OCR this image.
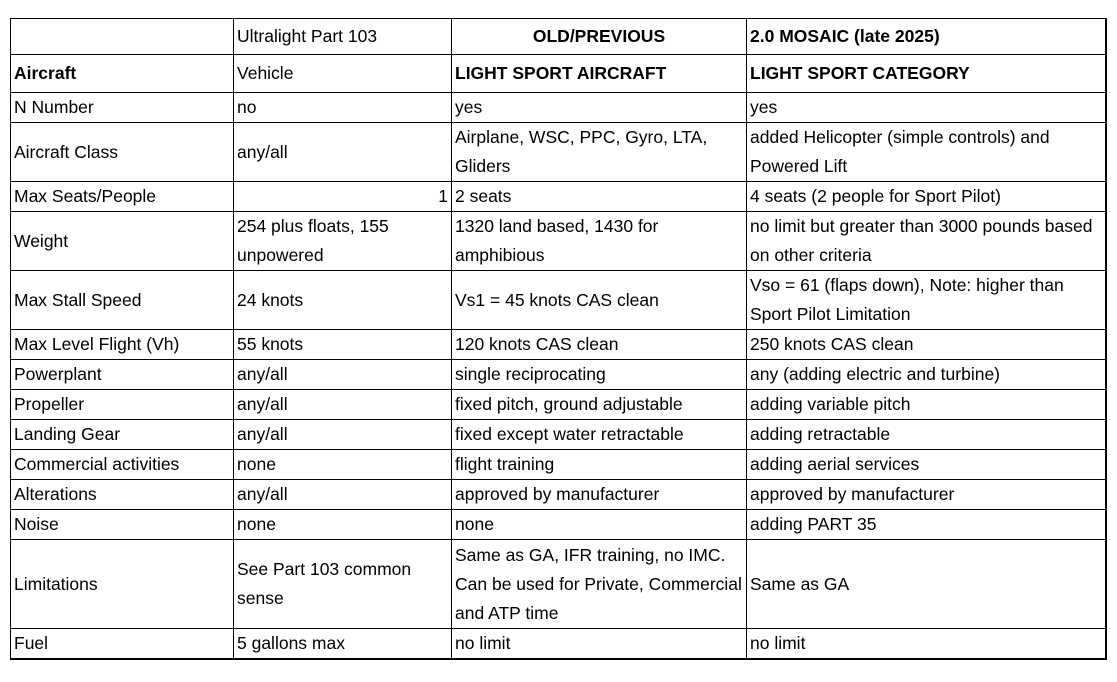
	Ultralight Part 103	OLD/PREVIOUS	2.0 MOSAIC (late 2025)
Aircraft	Vehicle	LIGHT SPORT AIRCRAFT	LIGHT SPORT CATEGORY
N Number	no	yes	yes
Aircraft Class	any/all	Airplane, WSC, PPC, Gyro, LTA, Gliders	added Helicopter (simple controls) and Powered Lift
Max Seats/People	1	2 seats	4 seats (2 people for Sport Pilot)
Weight	254 plus floats, 155 unpowered	1320 land based, 1430 for amphibious	no limit but greater than 3000 pounds based on other criteria
Max Stall Speed	24 knots	Vs1 = 45 knots CAS clean	Vso = 61 (flaps down), Note: higher than Sport Pilot Limitation
Max Level Flight (Vh)	55 knots	120 knots CAS clean	250 knots CAS clean
Powerplant	any/all	single reciprocating	any (adding electric and turbine)
Propeller	any/all	fixed pitch, ground adjustable	adding variable pitch
Landing Gear	any/all	fixed except water retractable	adding retractable
Commercial activities	none	flight training	adding aerial services
Alterations	any/all	approved by manufacturer	approved by manufacturer
Noise	none	none	adding PART 35
Limitations	See Part 103 common sense	Same as GA, IFR training, no IMC. Can be used for Private, Commercial and ATP time	Same as GA
Fuel	5 gallons max	no limit	no limit
